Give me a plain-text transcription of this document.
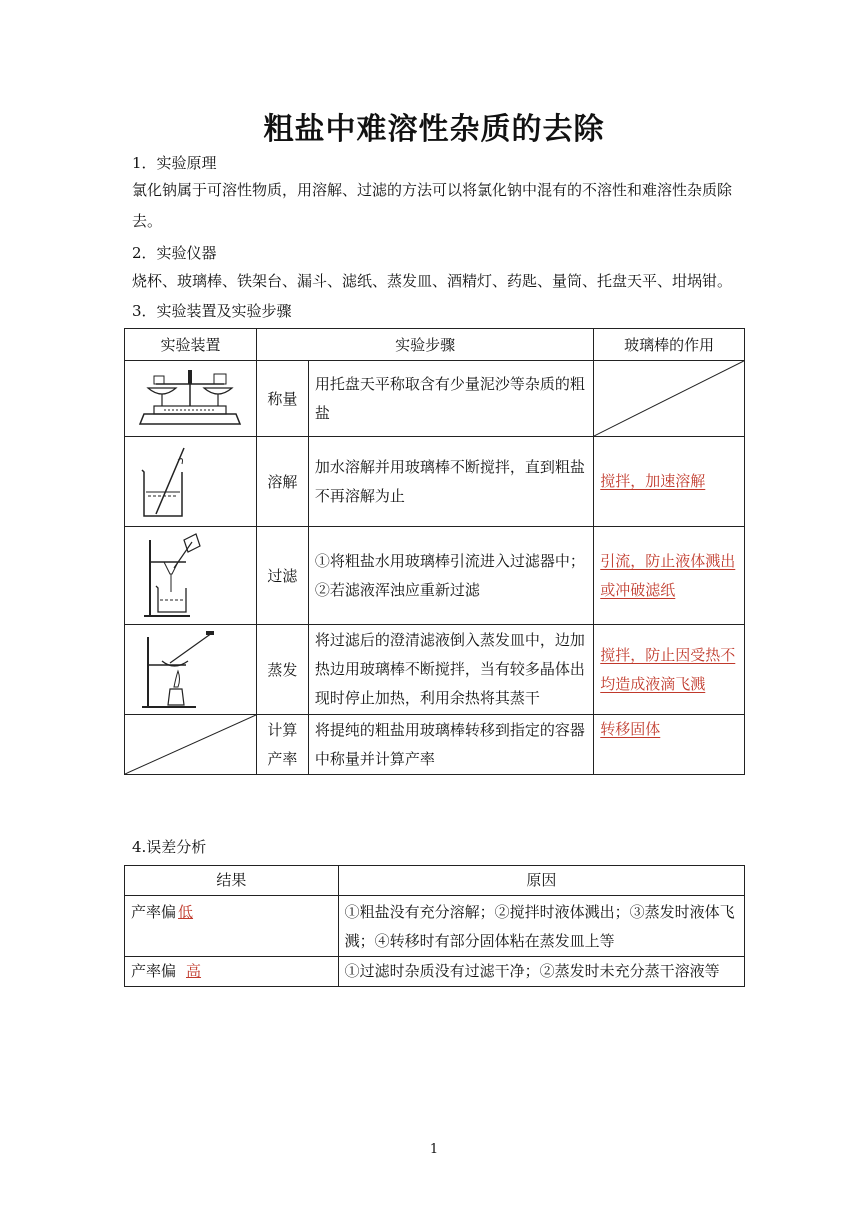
粗盐中难溶性杂质的去除
1．实验原理
氯化钠属于可溶性物质，用溶解、过滤的方法可以将氯化钠中混有的不溶性和难溶性杂质除去。
2．实验仪器
烧杯、玻璃棒、铁架台、漏斗、滤纸、蒸发皿、酒精灯、药匙、量筒、托盘天平、坩埚钳。
3．实验装置及实验步骤
实验装置	实验步骤		玻璃棒的作用

	称量	用托盘天平称取含有少量泥沙等杂质的粗盐	

	溶解	加水溶解并用玻璃棒不断搅拌，直到粗盐不再溶解为止	搅拌，加速溶解

	过滤	①将粗盐水用玻璃棒引流进入过滤器中；②若滤液浑浊应重新过滤	引流，防止液体溅出或冲破滤纸

	蒸发	将过滤后的澄清滤液倒入蒸发皿中，边加热边用玻璃棒不断搅拌，当有较多晶体出现时停止加热，利用余热将其蒸干	搅拌，防止因受热不均造成液滴飞溅

	计算产率	将提纯的粗盐用玻璃棒转移到指定的容器中称量并计算产率	转移固体
4.误差分析
结果	原因
产率偏 低	①粗盐没有充分溶解；②搅拌时液体溅出；③蒸发时液体飞溅；④转移时有部分固体粘在蒸发皿上等
产率偏 高	①过滤时杂质没有过滤干净；②蒸发时未充分蒸干溶液等
1
